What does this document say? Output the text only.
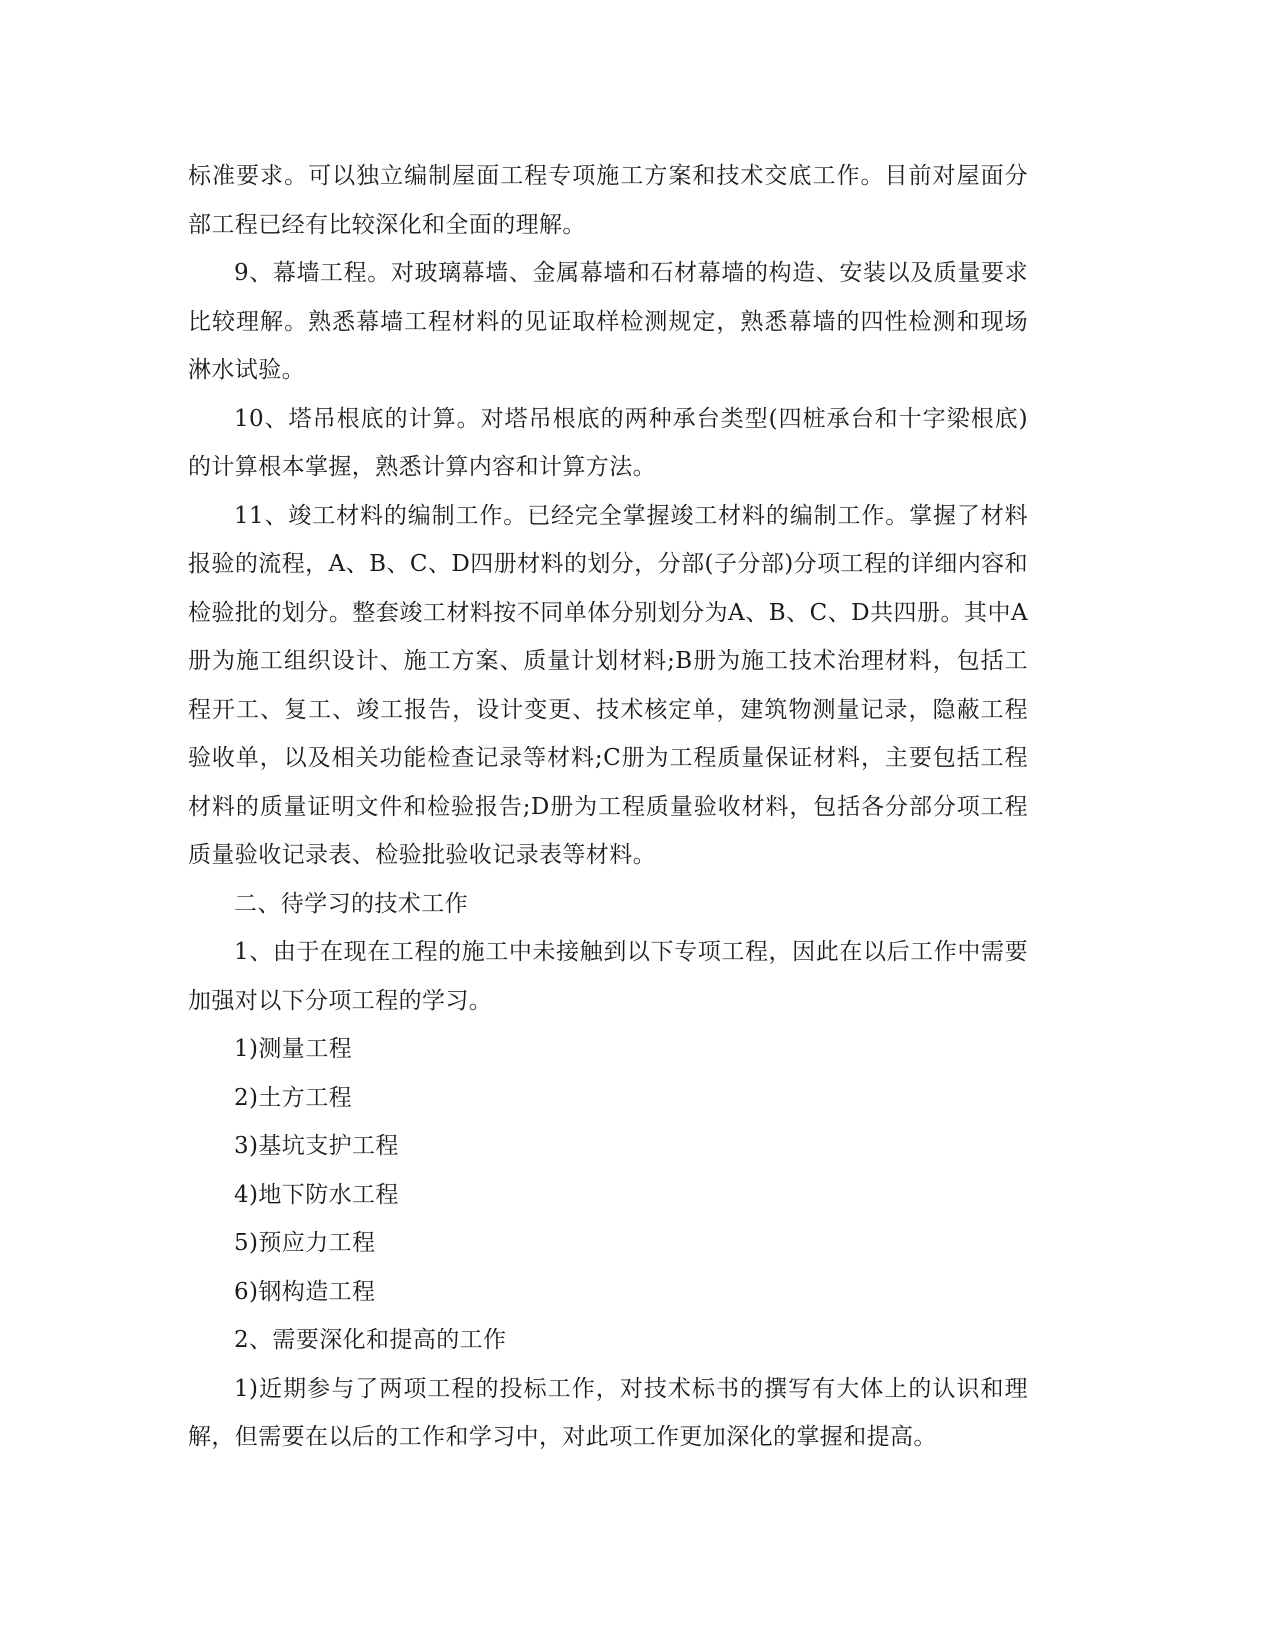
标准要求。可以独立编制屋面工程专项施工方案和技术交底工作。目前对屋面分部工程已经有比较深化和全面的理解。

9、幕墙工程。对玻璃幕墙、金属幕墙和石材幕墙的构造、安装以及质量要求比较理解。熟悉幕墙工程材料的见证取样检测规定，熟悉幕墙的四性检测和现场淋水试验。

10、塔吊根底的计算。对塔吊根底的两种承台类型(四桩承台和十字梁根底)的计算根本掌握，熟悉计算内容和计算方法。

11、竣工材料的编制工作。已经完全掌握竣工材料的编制工作。掌握了材料报验的流程，A、B、C、D四册材料的划分，分部(子分部)分项工程的详细内容和检验批的划分。整套竣工材料按不同单体分别划分为A、B、C、D共四册。其中A册为施工组织设计、施工方案、质量计划材料;B册为施工技术治理材料，包括工程开工、复工、竣工报告，设计变更、技术核定单，建筑物测量记录，隐蔽工程验收单，以及相关功能检查记录等材料;C册为工程质量保证材料，主要包括工程材料的质量证明文件和检验报告;D册为工程质量验收材料，包括各分部分项工程质量验收记录表、检验批验收记录表等材料。

二、待学习的技术工作

1、由于在现在工程的施工中未接触到以下专项工程，因此在以后工作中需要加强对以下分项工程的学习。

1)测量工程

2)土方工程

3)基坑支护工程

4)地下防水工程

5)预应力工程

6)钢构造工程

2、需要深化和提高的工作

1)近期参与了两项工程的投标工作，对技术标书的撰写有大体上的认识和理解，但需要在以后的工作和学习中，对此项工作更加深化的掌握和提高。
